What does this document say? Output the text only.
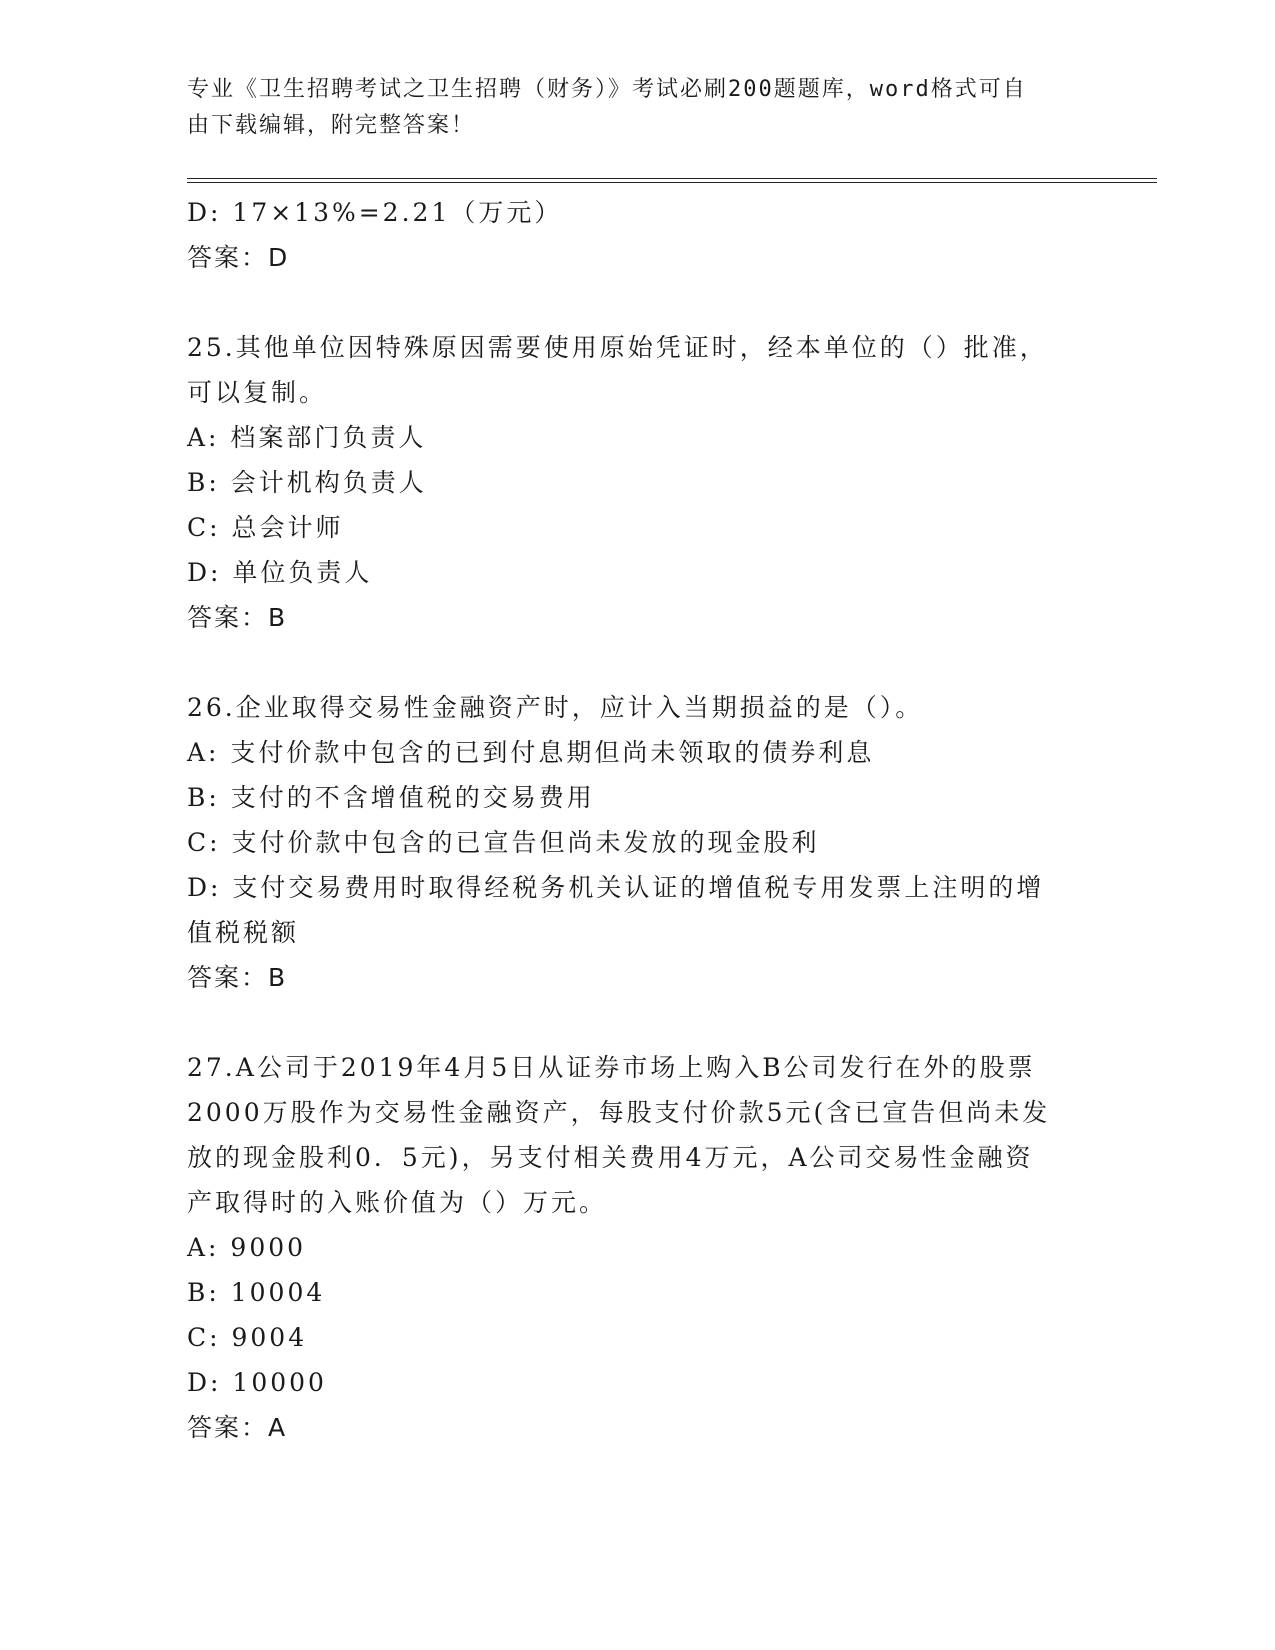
专业《卫生招聘考试之卫生招聘（财务）》考试必刷200题题库，word格式可自
由下载编辑，附完整答案！
D: 17×13%=2.21（万元）
答案：D
25.其他单位因特殊原因需要使用原始凭证时，经本单位的（）批准，
可以复制。
A: 档案部门负责人
B: 会计机构负责人
C: 总会计师
D: 单位负责人
答案：B
26.企业取得交易性金融资产时，应计入当期损益的是（）。
A: 支付价款中包含的已到付息期但尚未领取的债券利息
B: 支付的不含增值税的交易费用
C: 支付价款中包含的已宣告但尚未发放的现金股利
D: 支付交易费用时取得经税务机关认证的增值税专用发票上注明的增
值税税额
答案：B
27.A公司于2019年4月5日从证券市场上购入B公司发行在外的股票
2000万股作为交易性金融资产，每股支付价款5元(含已宣告但尚未发
放的现金股利0．5元)，另支付相关费用4万元，A公司交易性金融资
产取得时的入账价值为（）万元。
A: 9000
B: 10004
C: 9004
D: 10000
答案：A
